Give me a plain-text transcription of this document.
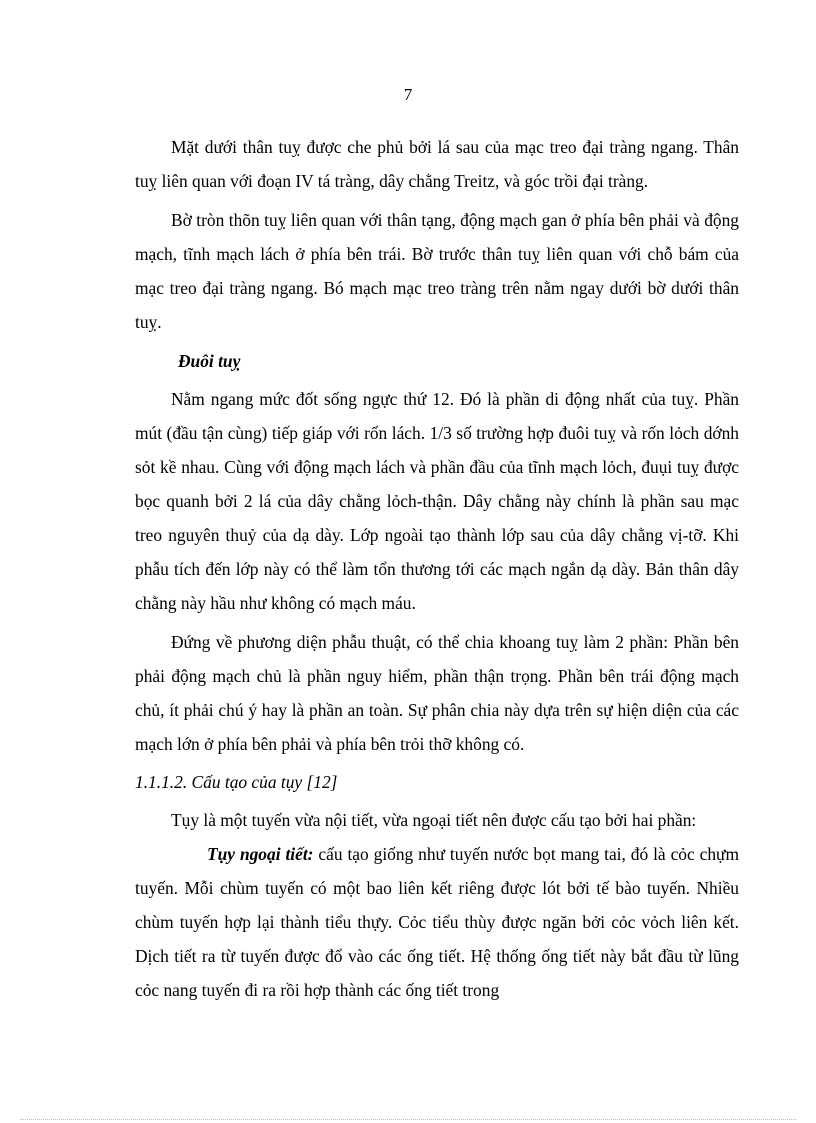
7

Mặt dưới thân tuỵ được che phủ bởi lá sau của mạc treo đại tràng ngang. Thân tuỵ liên quan với đoạn IV tá tràng, dây chằng Treitz, và góc trồi đại tràng.

Bờ tròn thõn tuỵ liên quan với thân tạng, động mạch gan ở phía bên phải và động mạch, tĩnh mạch lách ở phía bên trái. Bờ trước thân tuỵ liên quan với chỗ bám của mạc treo đại tràng ngang. Bó mạch mạc treo tràng trên nằm ngay dưới bờ dưới thân tuỵ.

Đuôi tuỵ

Nằm ngang mức đốt sống ngực thứ 12. Đó là phần di động nhất của tuỵ. Phần mút (đầu tận cùng) tiếp giáp với rốn lách. 1/3 số trường hợp đuôi tuỵ và rốn lỏch dớnh sỏt kề nhau. Cùng với động mạch lách và phần đầu của tĩnh mạch lỏch, đuụi tuỵ được bọc quanh bởi 2 lá của dây chằng lỏch-thận. Dây chằng này chính là phần sau mạc treo nguyên thuỷ của dạ dày. Lớp ngoài tạo thành lớp sau của dây chằng vị-tỡ. Khi phẫu tích đến lớp này có thể làm tổn thương tới các mạch ngắn dạ dày. Bản thân dây chằng này hầu như không có mạch máu.

Đứng về phương diện phẫu thuật, có thể chia khoang tuỵ làm 2 phần: Phần bên phải động mạch chủ là phần nguy hiểm, phần thận trọng. Phần bên trái động mạch chủ, ít phải chú ý hay là phần an toàn. Sự phân chia này dựa trên sự hiện diện của các mạch lớn ở phía bên phải và phía bên trỏi thỡ không có.

1.1.1.2. Cấu tạo của tụy [12]

Tụy là một tuyến vừa nội tiết, vừa ngoại tiết nên được cấu tạo bởi hai phần:

Tụy ngoại tiết: cấu tạo giống như tuyến nước bọt mang tai, đó là cỏc chựm tuyến. Mỗi chùm tuyến có một bao liên kết riêng được lót bởi tế bào tuyến. Nhiều chùm tuyến hợp lại thành tiểu thựy. Cỏc tiểu thùy được ngăn bởi cỏc vỏch liên kết. Dịch tiết ra từ tuyến được đổ vào các ống tiết. Hệ thống ống tiết này bắt đầu từ lũng cỏc nang tuyến đi ra rồi hợp thành các ống tiết trong
